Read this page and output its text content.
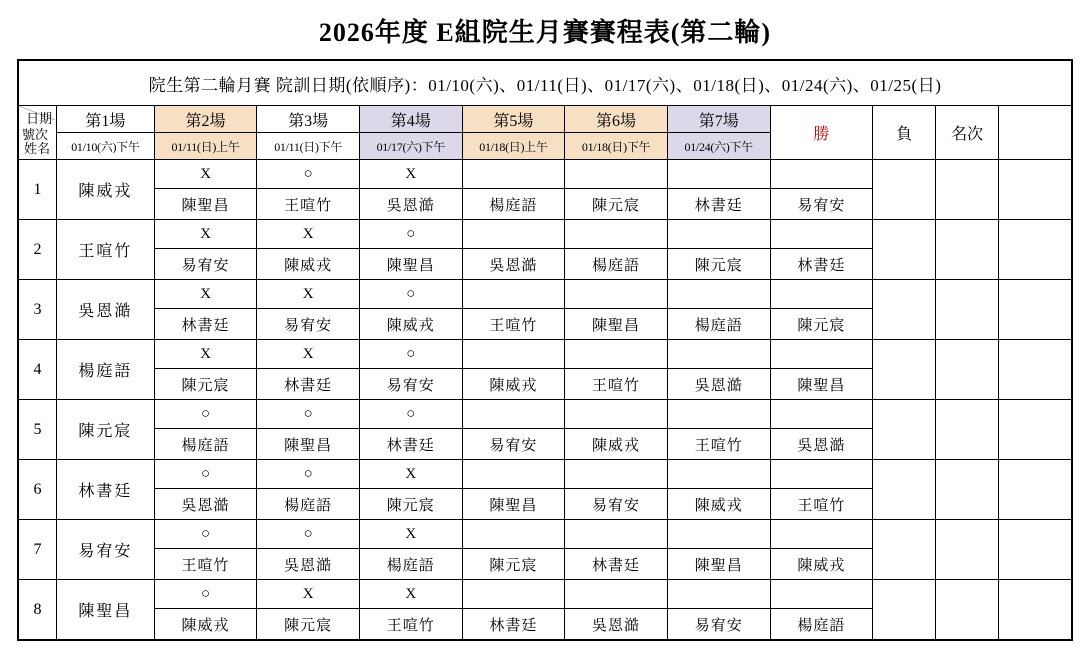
2026年度 E組院生月賽賽程表(第二輪)
院生第二輪月賽 院訓日期(依順序)：01/10(六)、01/11(日)、01/17(六)、01/18(日)、01/24(六)、01/25(日)											

日期
姓名
號次	第1場	第2場	第3場	第4場	第5場	第6場	第7場	勝	負	名次	
	01/10(六)下午	01/11(日)上午	01/11(日)下午	01/17(六)下午	01/18(日)上午	01/18(日)下午	01/24(六)下午				
1	陳威戎	X	○	X							
		陳聖昌	王喧竹	吳恩澔	楊庭語	陳元宸	林書廷	易宥安			
2	王喧竹	X	X	○							
		易宥安	陳威戎	陳聖昌	吳恩澔	楊庭語	陳元宸	林書廷			
3	吳恩澔	X	X	○							
		林書廷	易宥安	陳威戎	王喧竹	陳聖昌	楊庭語	陳元宸			
4	楊庭語	X	X	○							
		陳元宸	林書廷	易宥安	陳威戎	王喧竹	吳恩澔	陳聖昌			
5	陳元宸	○	○	○							
		楊庭語	陳聖昌	林書廷	易宥安	陳威戎	王喧竹	吳恩澔			
6	林書廷	○	○	X							
		吳恩澔	楊庭語	陳元宸	陳聖昌	易宥安	陳威戎	王喧竹			
7	易宥安	○	○	X							
		王喧竹	吳恩澔	楊庭語	陳元宸	林書廷	陳聖昌	陳威戎			
8	陳聖昌	○	X	X							
		陳威戎	陳元宸	王喧竹	林書廷	吳恩澔	易宥安	楊庭語			
